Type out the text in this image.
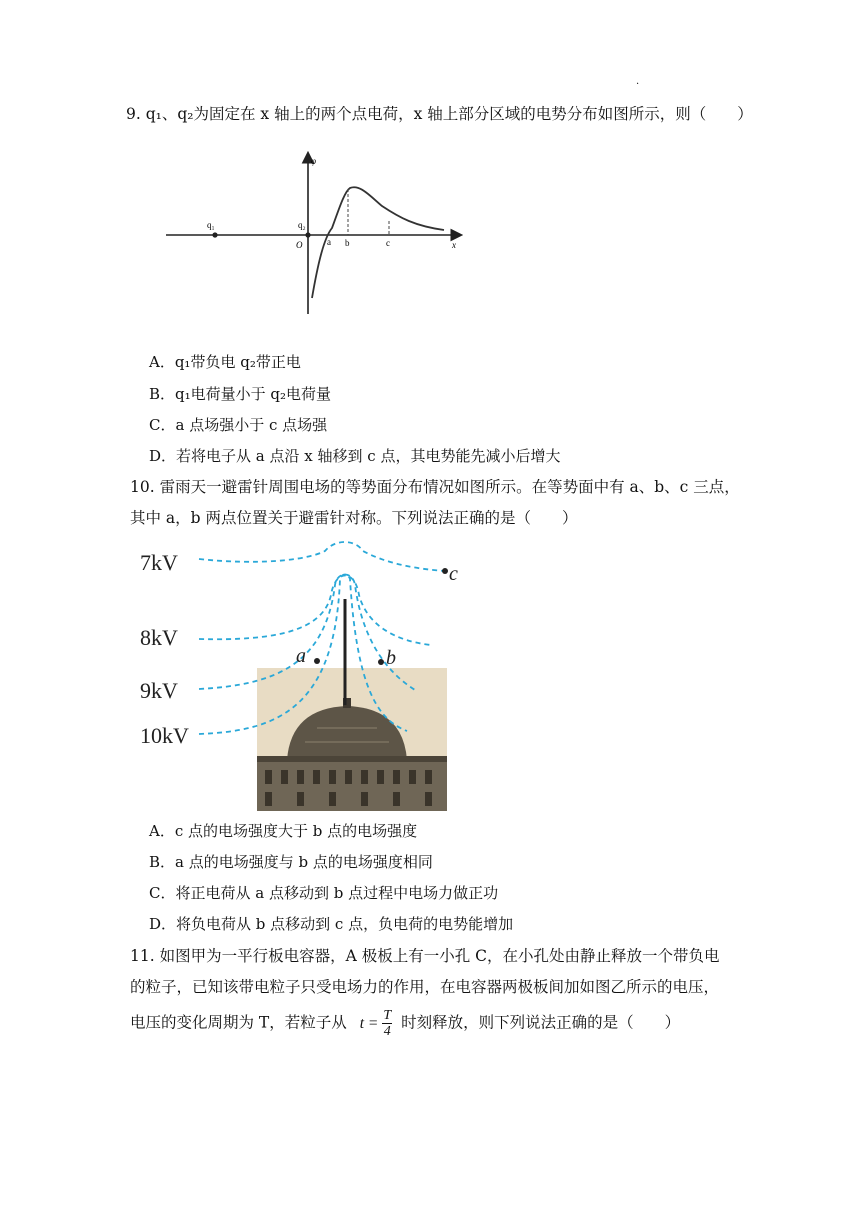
.
9. q₁、q₂为固定在 x 轴上的两个点电荷，x 轴上部分区域的电势分布如图所示，则（　　）
φ
x
O
q₁	q₂
a b	c
A．q₁带负电 q₂带正电
B．q₁电荷量小于 q₂电荷量
C．a 点场强小于 c 点场强
D．若将电子从 a 点沿 x 轴移到 c 点，其电势能先减小后增大
10. 雷雨天一避雷针周围电场的等势面分布情况如图所示。在等势面中有 a、b、c 三点，
其中 a，b 两点位置关于避雷针对称。下列说法正确的是（　　）
7kV
8kV
9kV
10kV
a	b
c
A．c 点的电场强度大于 b 点的电场强度
B．a 点的电场强度与 b 点的电场强度相同
C．将正电荷从 a 点移动到 b 点过程中电场力做正功
D．将负电荷从 b 点移动到 c 点，负电荷的电势能增加
11. 如图甲为一平行板电容器，A 极板上有一小孔 C，在小孔处由静止释放一个带负电
的粒子，已知该带电粒子只受电场力的作用，在电容器两极板间加如图乙所示的电压，
电压的变化周期为 T，若粒子从 $t = \frac{T}{4}$ 时刻释放，则下列说法正确的是（　　）
